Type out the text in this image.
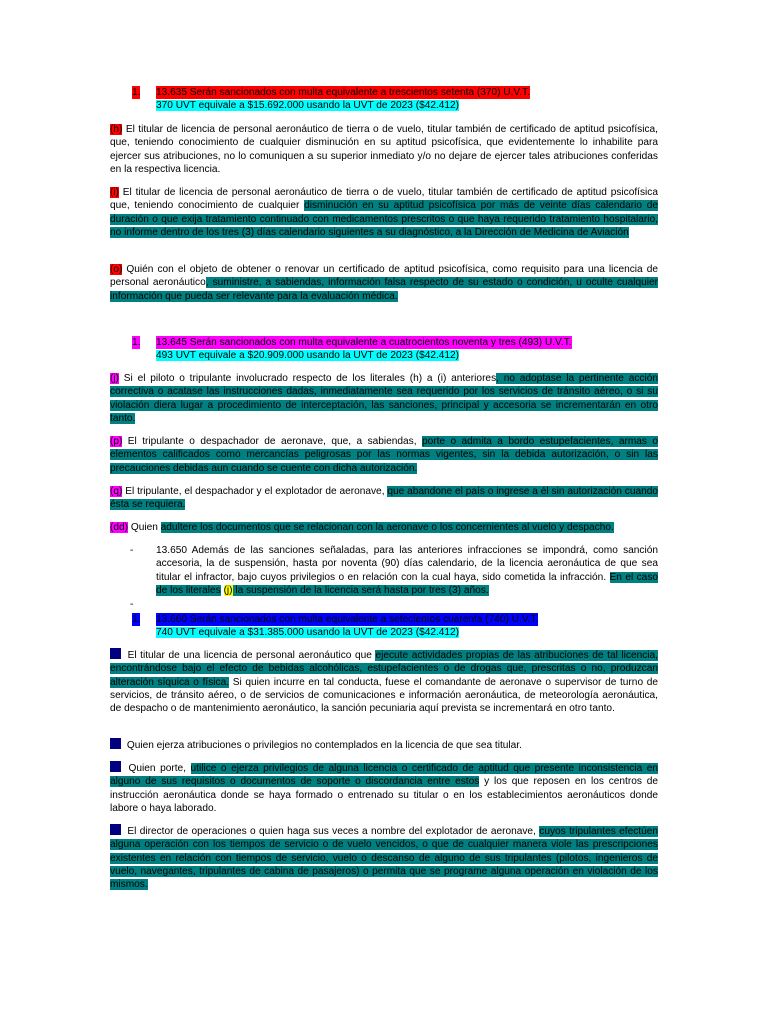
1. 13.635 Serán sancionados con multa equivalente a trescientos setenta (370) U.V.T.
370 UVT equivale a $15.692.000 usando la UVT de 2023 ($42.412)
(h) El titular de licencia de personal aeronáutico de tierra o de vuelo, titular también de certificado de aptitud psicofísica, que, teniendo conocimiento de cualquier disminución en su aptitud psicofísica, que evidentemente lo inhabilite para ejercer sus atribuciones, no lo comuniquen a su superior inmediato y/o no dejare de ejercer tales atribuciones conferidas en la respectiva licencia.
(i) El titular de licencia de personal aeronáutico de tierra o de vuelo, titular también de certificado de aptitud psicofísica que, teniendo conocimiento de cualquier disminución en su aptitud psicofísica por más de veinte días calendario de duración o que exija tratamiento continuado con medicamentos prescritos o que haya requerido tratamiento hospitalario, no informe dentro de los tres (3) días calendario siguientes a su diagnóstico, a la Dirección de Medicina de Aviación
(o) Quién con el objeto de obtener o renovar un certificado de aptitud psicofísica, como requisito para una licencia de personal aeronáutico, suministre, a sabiendas, información falsa respecto de su estado o condición, u oculte cualquier información que pueda ser relevante para la evaluación médica.
1. 13.645 Serán sancionados con multa equivalente a cuatrocientos noventa y tres (493) U.V.T.
493 UVT equivale a $20.909.000 usando la UVT de 2023 ($42.412)
(j) Si el piloto o tripulante involucrado respecto de los literales (h) a (i) anteriores, no adoptase la pertinente acción correctiva o acatase las instrucciones dadas, inmediatamente sea requerido por los servicios de tránsito aéreo, o si su violación diera lugar a procedimiento de interceptación, las sanciones, principal y accesoria se incrementarán en otro tanto.
(p) El tripulante o despachador de aeronave, que, a sabiendas, porte o admita a bordo estupefacientes, armas o elementos calificados como mercancías peligrosas por las normas vigentes, sin la debida autorización, o sin las precauciones debidas aun cuando se cuente con dicha autorización.
(q) El tripulante, el despachador y el explotador de aeronave, que abandone el país o ingrese a él sin autorización cuando ésta se requiera.
(dd) Quien adultere los documentos que se relacionan con la aeronave o los concernientes al vuelo y despacho.
- 13.650 Además de las sanciones señaladas, para las anteriores infracciones se impondrá, como sanción accesoria, la de suspensión, hasta por noventa (90) días calendario, de la licencia aeronáutica de que sea titular el infractor, bajo cuyos privilegios o en relación con la cual haya, sido cometida la infracción. En el caso de los literales (j) la suspensión de la licencia será hasta por tres (3) años.
-
1. 13.660 Serán sancionados con multa equivalente a setecientos cuarenta (740) U.V.T.
740 UVT equivale a $31.385.000 usando la UVT de 2023 ($42.412)
El titular de una licencia de personal aeronáutico que ejecute actividades propias de las atribuciones de tal licencia, encontrándose bajo el efecto de bebidas alcohólicas, estupefacientes o de drogas que, prescritas o no, produzcan alteración síquica o física. Si quien incurre en tal conducta, fuese el comandante de aeronave o supervisor de turno de servicios, de tránsito aéreo, o de servicios de comunicaciones e información aeronáutica, de meteorología aeronáutica, de despacho o de mantenimiento aeronáutico, la sanción pecuniaria aquí prevista se incrementará en otro tanto.
Quien ejerza atribuciones o privilegios no contemplados en la licencia de que sea titular.
Quien porte, utilice o ejerza privilegios de alguna licencia o certificado de aptitud que presente inconsistencia en alguno de sus requisitos o documentos de soporte o discordancia entre estos y los que reposen en los centros de instrucción aeronáutica donde se haya formado o entrenado su titular o en los establecimientos aeronáuticos donde labore o haya laborado.
El director de operaciones o quien haga sus veces a nombre del explotador de aeronave, cuyos tripulantes efectúen alguna operación con los tiempos de servicio o de vuelo vencidos, o que de cualquier manera viole las prescripciones existentes en relación con tiempos de servicio, vuelo o descanso de alguno de sus tripulantes (pilotos, ingenieros de vuelo, navegantes, tripulantes de cabina de pasajeros) o permita que se programe alguna operación en violación de los mismos.
